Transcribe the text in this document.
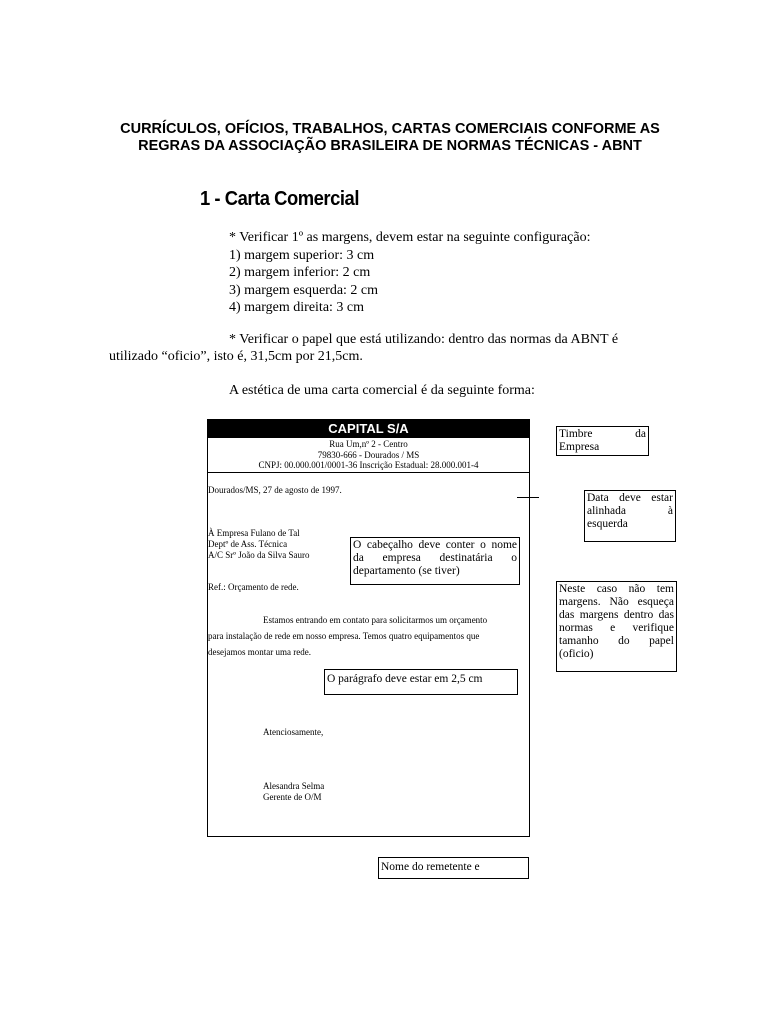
CURRÍCULOS, OFÍCIOS, TRABALHOS, CARTAS COMERCIAIS CONFORME AS
REGRAS DA ASSOCIAÇÃO BRASILEIRA DE NORMAS TÉCNICAS - ABNT
1 - Carta Comercial
* Verificar 1º as margens, devem estar na seguinte configuração:
1) margem superior: 3 cm
2) margem inferior: 2 cm
3) margem esquerda: 2 cm
4) margem direita: 3 cm
* Verificar o papel que está utilizando: dentro das normas da ABNT é
utilizado “oficio”, isto é, 31,5cm por 21,5cm.
A estética de uma carta comercial é da seguinte forma:
CAPITAL S/A
Rua Um,nº 2 - Centro
79830-666 - Dourados / MS
CNPJ: 00.000.001/0001-36 Inscrição Estadual: 28.000.001-4
Dourados/MS, 27 de agosto de 1997.
À Empresa Fulano de Tal
Deptº de Ass. Técnica
A/C Srº João da Silva Sauro
Ref.: Orçamento de rede.
Estamos entrando em contato para solicitarmos um orçamento
para instalação de rede em nosso empresa. Temos quatro equipamentos que
desejamos montar uma rede.
Atenciosamente,
Alesandra Selma
Gerente de O/M
Timbre da Empresa
Data deve estar alinhada à esquerda
O cabeçalho deve conter o nome da empresa destinatária o departamento (se tiver)
Neste caso não tem margens. Não esqueça das margens dentro das normas e verifique tamanho do papel (oficio)
O parágrafo deve estar em 2,5 cm
Nome do remetente e
